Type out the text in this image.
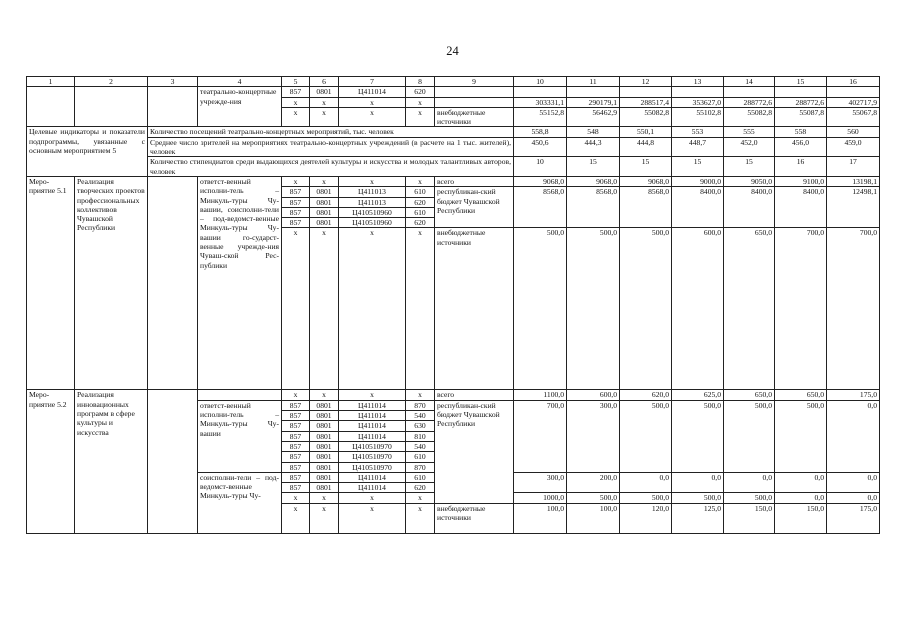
24
1	2	3	4	5	6	7	8	9	10	11	12	13	14	15	16
			театрально-концертные учрежде-ния	857	0801	Ц411014	620								
				х	х	х	х		303331,1	290179,1	288517,4	353627,0	288772,6	288772,6	402717,9
				х	х	х	х	внебюджетные источники	55152,8	56462,9	55082,8	55102,8	55082,8	55087,8	55067,8
Целевые индикаторы и показатели подпрограммы, увязанные с основным мероприятием 5		Количество посещений театрально-концертных мероприятий, тыс. человек							558,8	548	550,1	553	555	558	560
		Среднее число зрителей на мероприятиях театрально-концертных учреждений (в расчете на 1 тыс. жителей), человек							450,6	444,3	444,8	448,7	452,0	456,0	459,0
		Количество стипендиатов среди выдающихся деятелей культуры и искусства и молодых талантливых авторов, человек							10	15	15	15	15	16	17
Меро-приятие 5.1	Реализация творческих проектов профессиональных коллективов Чувашской Республики		ответст-венный исполни-тель – Минкуль-туры Чу-вашии, соисполни-тели – под-ведомст-венные Минкуль-туры Чу-вашии го-сударст-венные учрежде-ния Чуваш-ской Рес-публики	х	х	х	х	всего	9068,0	9068,0	9068,0	9000,0	9050,0	9100,0	13198,1
				857	0801	Ц411013	610	республикан-ский бюджет Чувашской Республики	8568,0	8568,0	8568,0	8400,0	8400,0	8400,0	12498,1
				857	0801	Ц411013	620								
				857	0801	Ц410510960	610								
				857	0801	Ц410510960	620								
				х	х	х	х	внебюджетные источники	500,0	500,0	500,0	600,0	650,0	700,0	700,0
Меро-приятие 5.2	Реализация инновационных программ в сфере культуры и искусства			х	х	х	х	всего	1100,0	600,0	620,0	625,0	650,0	650,0	175,0
			ответст-венный исполни-тель – Минкуль-туры Чу-вашии	857	0801	Ц411014	870	республикан-ский бюджет Чувашской Республики	700,0	300,0	500,0	500,0	500,0	500,0	0,0
				857	0801	Ц411014	540								
				857	0801	Ц411014	630								
				857	0801	Ц411014	810								
				857	0801	Ц410510970	540								
				857	0801	Ц410510970	610								
				857	0801	Ц410510970	870								
			соисполни-тели – под-ведомст-венные Минкуль-туры Чу-	857	0801	Ц411014	610		300,0	200,0	0,0	0,0	0,0	0,0	0,0
				857	0801	Ц411014	620								
				х	х	х	х		1000,0	500,0	500,0	500,0	500,0	0,0	0,0
				х	х	х	х	внебюджетные источники	100,0	100,0	120,0	125,0	150,0	150,0	175,0
